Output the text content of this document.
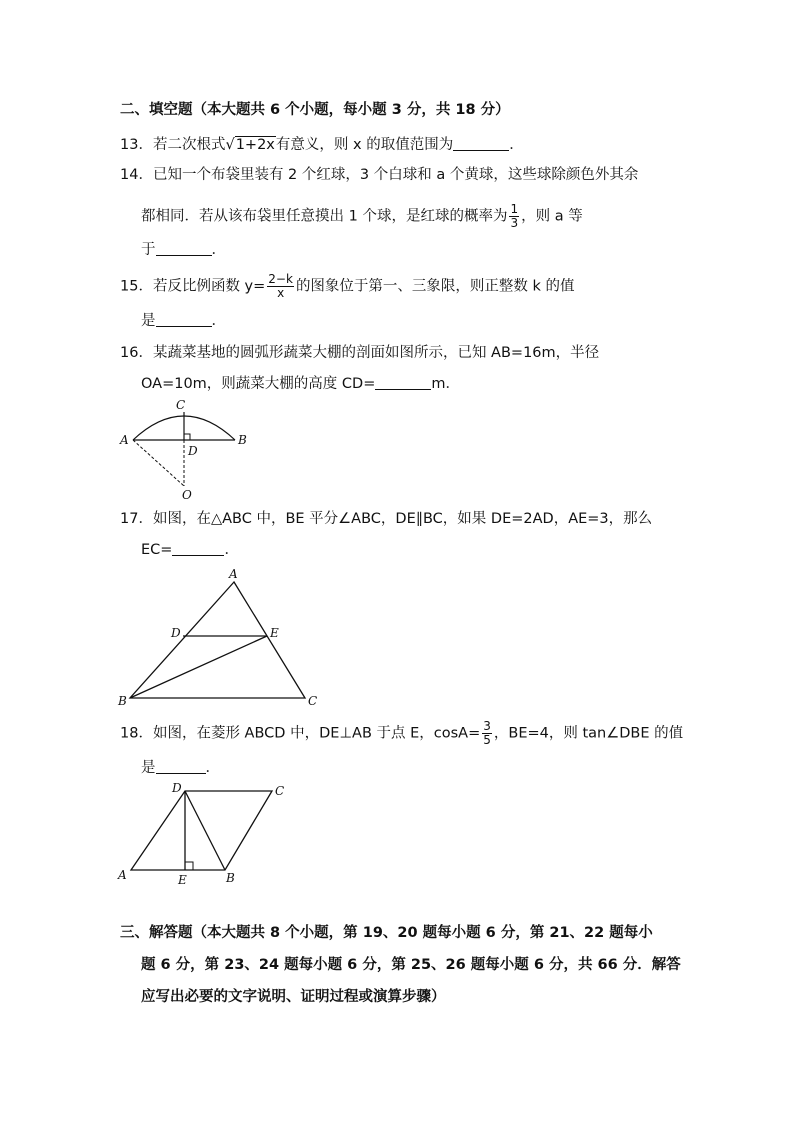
二、填空题（本大题共 6 个小题，每小题 3 分，共 18 分）
13．若二次根式√1+2x有意义，则 x 的取值范围为	．
14．已知一个布袋里装有 2 个红球，3 个白球和 a 个黄球，这些球除颜色外其余
都相同．若从该布袋里任意摸出 1 个球，是红球的概率为 $\frac{1}{3}$ ，则 a 等
于	．
15．若反比例函数 $y= \frac{2-k}{x}$ 的图象位于第一、三象限，则正整数 k 的值
是	．
16．某蔬菜基地的圆弧形蔬菜大棚的剖面如图所示，已知 AB=16m，半径
OA=10m，则蔬菜大棚的高度 CD=	m．
A	B
C
D
O
17．如图，在△ABC 中，BE 平分∠ABC，DE∥BC，如果 DE=2AD，AE=3，那么
EC=	．
A
B	C
D	E
18．如图，在菱形 ABCD 中，DE⊥AB 于点 E，$\cos A= \frac{3}{5}$ ，BE=4，则 tan∠DBE 的值
是	．
A	B
C
D
E
三、解答题（本大题共 8 个小题，第 19、20 题每小题 6 分，第 21、22 题每小
题 6 分，第 23、24 题每小题 6 分，第 25、26 题每小题 6 分，共 66 分．解答
应写出必要的文字说明、证明过程或演算步骤）
